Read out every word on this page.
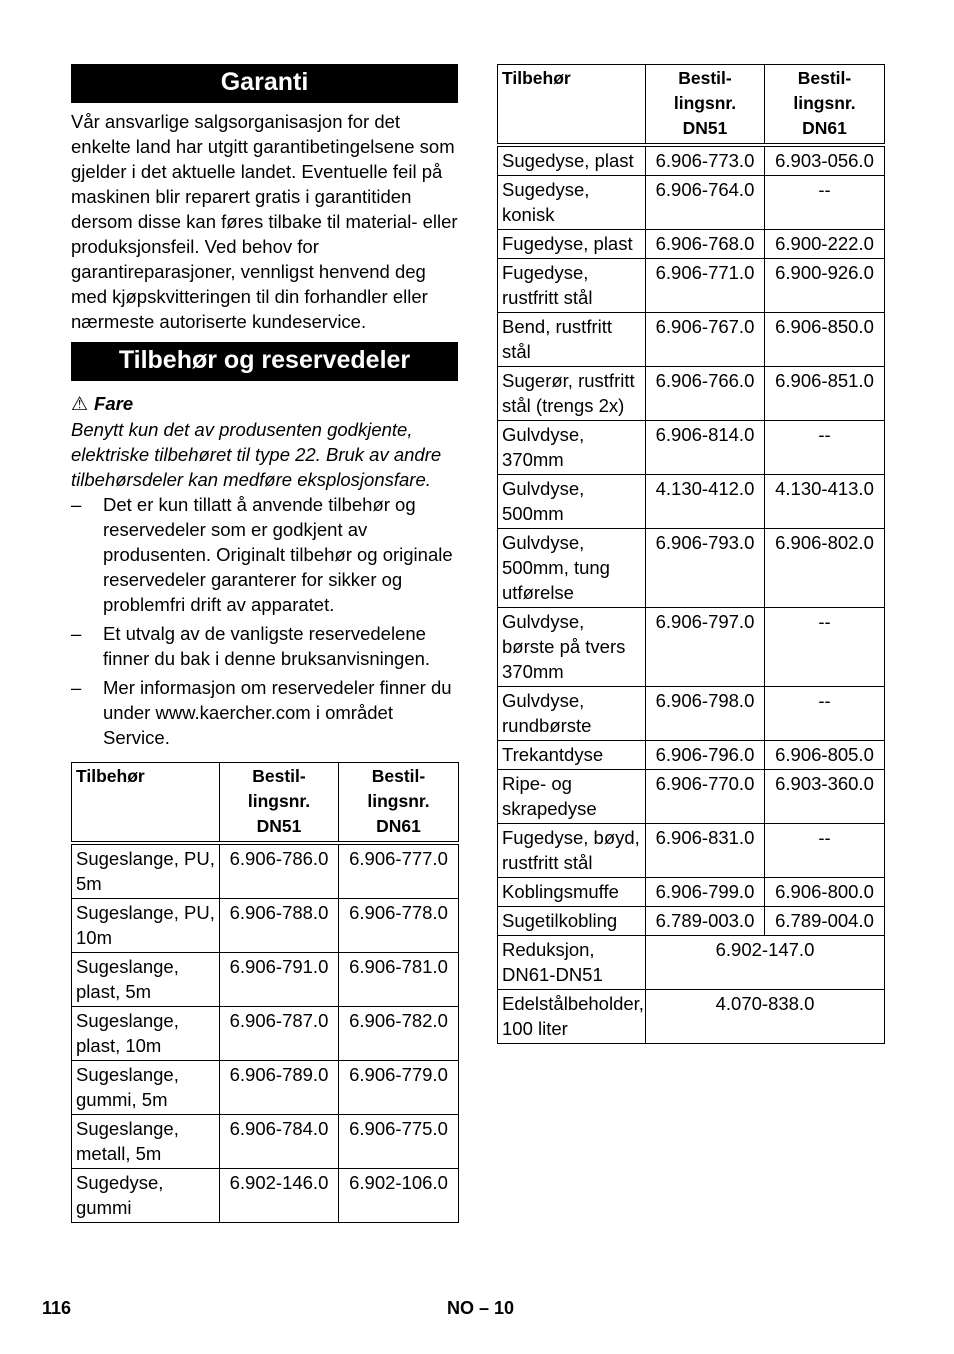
Garanti

Vår ansvarlige salgsorganisasjon for det enkelte land har utgitt garantibetingelsene som gjelder i det aktuelle landet. Eventuelle feil på maskinen blir reparert gratis i garantitiden dersom disse kan føres tilbake til material- eller produksjonsfeil. Ved behov for garantireparasjoner, vennligst henvend deg med kjøpskvitteringen til din forhandler eller nærmeste autoriserte kundeservice.

Tilbehør og reservedeler
⚠ Fare
Benytt kun det av produsenten godkjente, elektriske tilbehøret til type 22. Bruk av andre tilbehørsdeler kan medføre eksplosjonsfare.
– Det er kun tillatt å anvende tilbehør og reservedeler som er godkjent av produsenten. Originalt tilbehør og originale reservedeler garanterer for sikker og problemfri drift av apparatet.
– Et utvalg av de vanligste reservedelene finner du bak i denne bruksanvisningen.
– Mer informasjon om reservedeler finner du under www.kaercher.com i området Service.
Tilbehør	Bestil-lingsnr. DN51	Bestil-lingsnr. DN61
Sugeslange, PU, 5m	6.906-786.0	6.906-777.0
Sugeslange, PU, 10m	6.906-788.0	6.906-778.0
Sugeslange, plast, 5m	6.906-791.0	6.906-781.0
Sugeslange, plast, 10m	6.906-787.0	6.906-782.0
Sugeslange, gummi, 5m	6.906-789.0	6.906-779.0
Sugeslange, metall, 5m	6.906-784.0	6.906-775.0
Sugedyse, gummi	6.902-146.0	6.902-106.0
Tilbehør	Bestil-lingsnr. DN51	Bestil-lingsnr. DN61
Sugedyse, plast	6.906-773.0	6.903-056.0
Sugedyse, konisk	6.906-764.0	--
Fugedyse, plast	6.906-768.0	6.900-222.0
Fugedyse, rustfritt stål	6.906-771.0	6.900-926.0
Bend, rustfritt stål	6.906-767.0	6.906-850.0
Sugerør, rustfritt stål (trengs 2x)	6.906-766.0	6.906-851.0
Gulvdyse, 370mm	6.906-814.0	--
Gulvdyse, 500mm	4.130-412.0	4.130-413.0
Gulvdyse, 500mm, tung utførelse	6.906-793.0	6.906-802.0
Gulvdyse, børste på tvers 370mm	6.906-797.0	--
Gulvdyse, rundbørste	6.906-798.0	--
Trekantdyse	6.906-796.0	6.906-805.0
Ripe- og skrapedyse	6.906-770.0	6.903-360.0
Fugedyse, bøyd, rustfritt stål	6.906-831.0	--
Koblingsmuffe	6.906-799.0	6.906-800.0
Sugetilkobling	6.789-003.0	6.789-004.0
Reduksjon, DN61-DN51	6.902-147.0	
Edelstålbeholder, 100 liter	4.070-838.0	
116	NO – 10
